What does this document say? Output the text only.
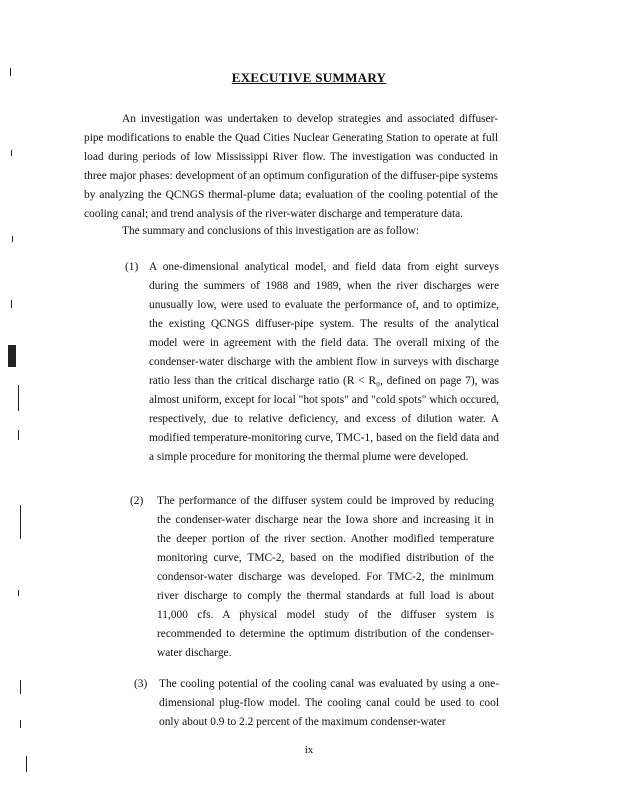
EXECUTIVE SUMMARY

An investigation was undertaken to develop strategies and associated diffuser-pipe modifications to enable the Quad Cities Nuclear Generating Station to operate at full load during periods of low Mississippi River flow. The investigation was conducted in three major phases: development of an optimum configuration of the diffuser-pipe systems by analyzing the QCNGS thermal-plume data; evaluation of the cooling potential of the cooling canal; and trend analysis of the river-water discharge and temperature data.

The summary and conclusions of this investigation are as follow:

(1) A one-dimensional analytical model, and field data from eight surveys during the summers of 1988 and 1989, when the river discharges were unusually low, were used to evaluate the performance of, and to optimize, the existing QCNGS diffuser-pipe system. The results of the analytical model were in agreement with the field data. The overall mixing of the condenser-water discharge with the ambient flow in surveys with discharge ratio less than the critical discharge ratio (R < R₀, defined on page 7), was almost uniform, except for local "hot spots" and "cold spots" which occured, respectively, due to relative deficiency, and excess of dilution water. A modified temperature-monitoring curve, TMC-1, based on the field data and a simple procedure for monitoring the thermal plume were developed.

(2) The performance of the diffuser system could be improved by reducing the condenser-water discharge near the Iowa shore and increasing it in the deeper portion of the river section. Another modified temperature monitoring curve, TMC-2, based on the modified distribution of the condensor-water discharge was developed. For TMC-2, the minimum river discharge to comply the thermal standards at full load is about 11,000 cfs. A physical model study of the diffuser system is recommended to determine the optimum distribution of the condenser-water discharge.

(3) The cooling potential of the cooling canal was evaluated by using a one-dimensional plug-flow model. The cooling canal could be used to cool only about 0.9 to 2.2 percent of the maximum condenser-water

ix
